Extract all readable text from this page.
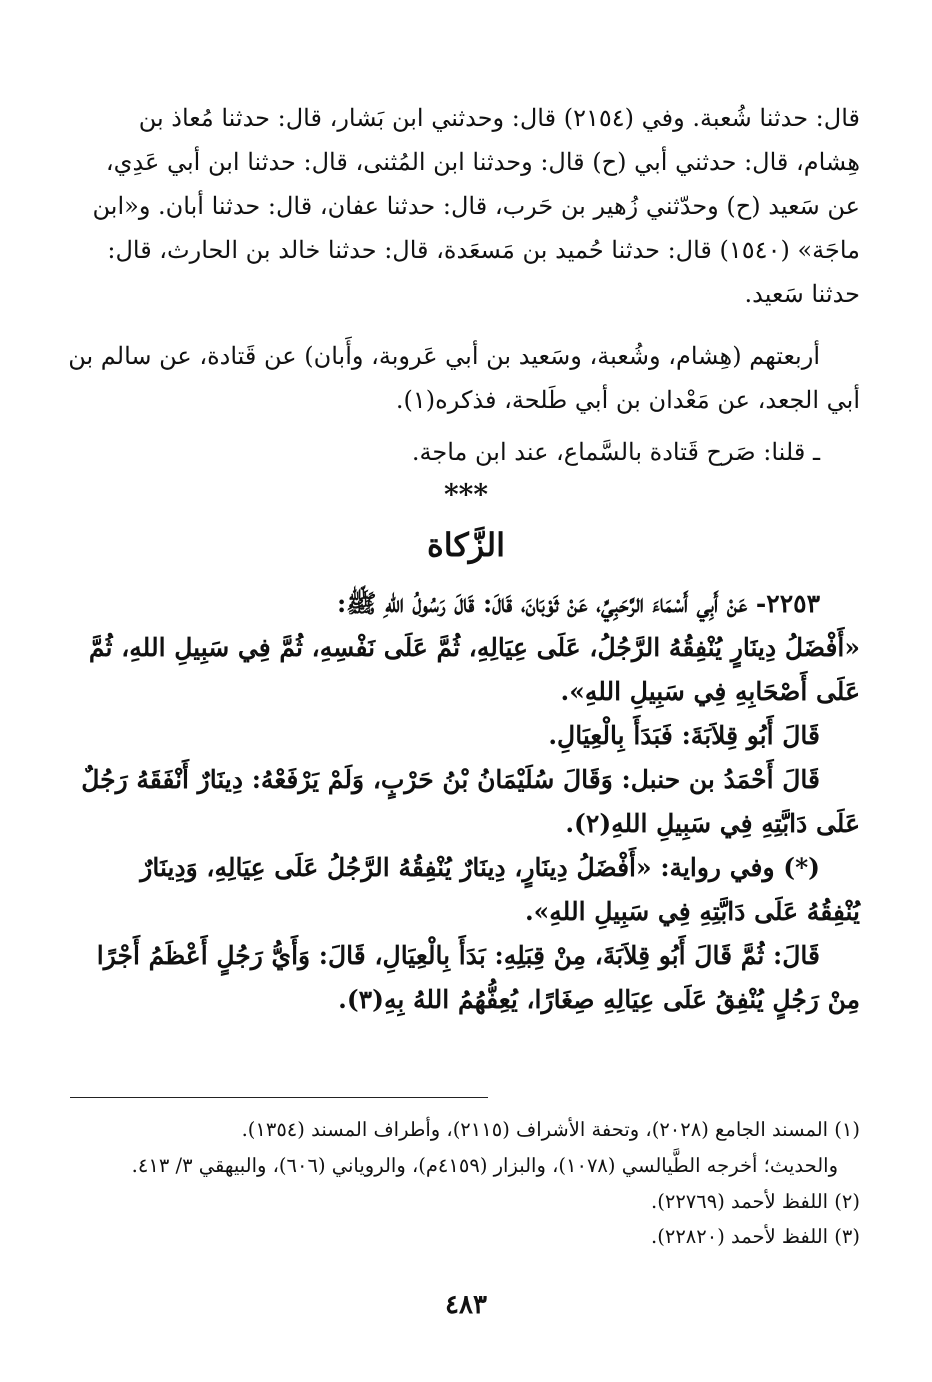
قال: حدثنا شُعبة. وفي (٢١٥٤) قال: وحدثني ابن بَشار، قال: حدثنا مُعاذ بن
هِشام، قال: حدثني أبي (ح) قال: وحدثنا ابن المُثنى، قال: حدثنا ابن أبي عَدِي،
عن سَعيد (ح) وحدّثني زُهير بن حَرب، قال: حدثنا عفان، قال: حدثنا أبان. و«ابن
ماجَة» (١٥٤٠) قال: حدثنا حُميد بن مَسعَدة، قال: حدثنا خالد بن الحارث، قال:
حدثنا سَعيد.
أربعتهم (هِشام، وشُعبة، وسَعيد بن أبي عَروبة، وأَبان) عن قَتادة، عن سالم بن
أبي الجعد، عن مَعْدان بن أبي طَلحة، فذكره(١).
ـ قلنا: صَرح قَتادة بالسَّماع، عند ابن ماجة.
***
الزَّكاة
٢٢٥٣- عَنْ أَبِي أَسْمَاءَ الرَّحَبِيِّ، عَنْ ثَوْبَانَ، قَالَ: قَالَ رَسُولُ اللهِ ﷺ:
«أَفْضَلُ دِينَارٍ يُنْفِقُهُ الرَّجُلُ، عَلَى عِيَالِهِ، ثُمَّ عَلَى نَفْسِهِ، ثُمَّ فِي سَبِيلِ اللهِ، ثُمَّ
عَلَى أَصْحَابِهِ فِي سَبِيلِ اللهِ».
قَالَ أَبُو قِلاَبَةَ: فَبَدَأَ بِالْعِيَالِ.
قَالَ أَحْمَدُ بن حنبل: وَقَالَ سُلَيْمَانُ بْنُ حَرْبٍ، وَلَمْ يَرْفَعْهُ: دِينَارٌ أَنْفَقَهُ رَجُلٌ
عَلَى دَابَّتِهِ فِي سَبِيلِ اللهِ(٢).
(*) وفي رواية: «أَفْضَلُ دِينَارٍ، دِينَارٌ يُنْفِقُهُ الرَّجُلُ عَلَى عِيَالِهِ، وَدِينَارٌ
يُنْفِقُهُ عَلَى دَابَّتِهِ فِي سَبِيلِ اللهِ».
قَالَ: ثُمَّ قَالَ أَبُو قِلاَبَةَ، مِنْ قِبَلِهِ: بَدَأَ بِالْعِيَالِ، قَالَ: وَأَيُّ رَجُلٍ أَعْظَمُ أَجْرًا
مِنْ رَجُلٍ يُنْفِقُ عَلَى عِيَالِهِ صِغَارًا، يُعِفُّهُمُ اللهُ بِهِ(٣).
(١) المسند الجامع (٢٠٢٨)، وتحفة الأشراف (٢١١٥)، وأطراف المسند (١٣٥٤).
والحديث؛ أخرجه الطَّيالسي (١٠٧٨)، والبزار (٤١٥٩م)، والروياني (٦٠٦)، والبيهقي ٣/ ٤١٣.
(٢) اللفظ لأحمد (٢٢٧٦٩).
(٣) اللفظ لأحمد (٢٢٨٢٠).
٤٨٣
